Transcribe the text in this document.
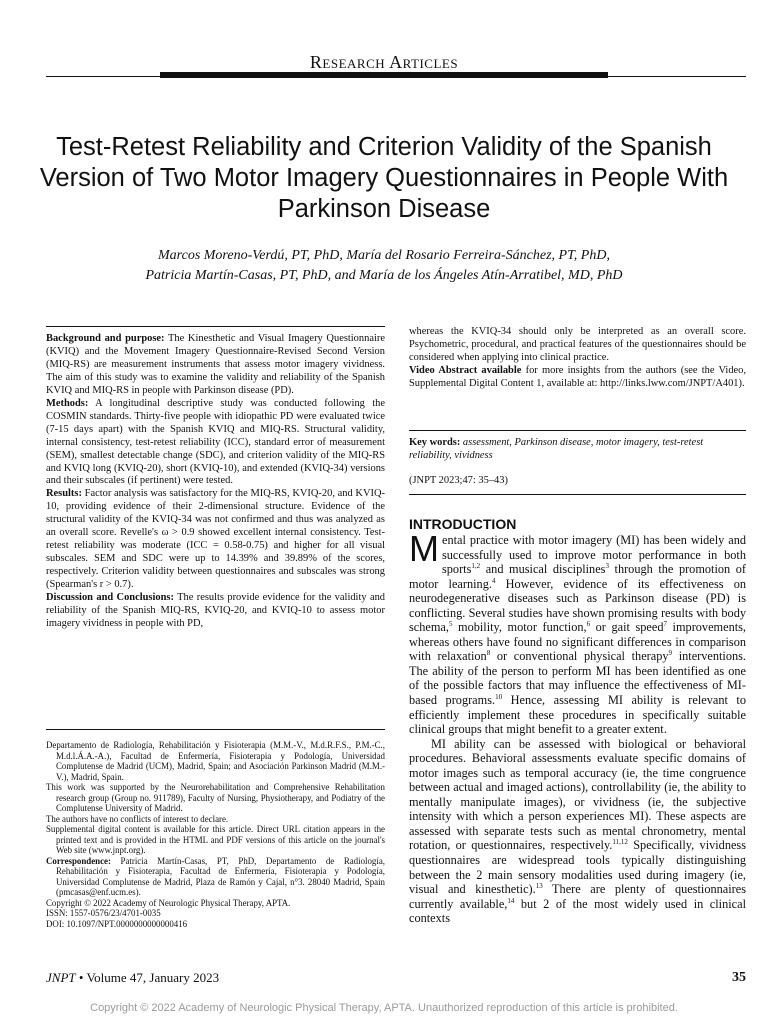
Research Articles
Test-Retest Reliability and Criterion Validity of the Spanish Version of Two Motor Imagery Questionnaires in People With Parkinson Disease
Marcos Moreno-Verdú, PT, PhD, María del Rosario Ferreira-Sánchez, PT, PhD,
Patricia Martín-Casas, PT, PhD, and María de los Ángeles Atín-Arratibel, MD, PhD

Background and purpose: The Kinesthetic and Visual Imagery Questionnaire (KVIQ) and the Movement Imagery Questionnaire-Revised Second Version (MIQ-RS) are measurement instruments that assess motor imagery vividness. The aim of this study was to examine the validity and reliability of the Spanish KVIQ and MIQ-RS in people with Parkinson disease (PD).

Methods: A longitudinal descriptive study was conducted following the COSMIN standards. Thirty-five people with idiopathic PD were evaluated twice (7-15 days apart) with the Spanish KVIQ and MIQ-RS. Structural validity, internal consistency, test-retest reliability (ICC), standard error of measurement (SEM), smallest detectable change (SDC), and criterion validity of the MIQ-RS and KVIQ long (KVIQ-20), short (KVIQ-10), and extended (KVIQ-34) versions and their subscales (if pertinent) were tested.

Results: Factor analysis was satisfactory for the MIQ-RS, KVIQ-20, and KVIQ-10, providing evidence of their 2-dimensional structure. Evidence of the structural validity of the KVIQ-34 was not confirmed and thus was analyzed as an overall score. Revelle's ω > 0.9 showed excellent internal consistency. Test-retest reliability was moderate (ICC = 0.58-0.75) and higher for all visual subscales. SEM and SDC were up to 14.39% and 39.89% of the scores, respectively. Criterion validity between questionnaires and subscales was strong (Spearman's r > 0.7).

Discussion and Conclusions: The results provide evidence for the validity and reliability of the Spanish MIQ-RS, KVIQ-20, and KVIQ-10 to assess motor imagery vividness in people with PD,

Departamento de Radiología, Rehabilitación y Fisioterapia (M.M.-V., M.d.R.F.S., P.M.-C., M.d.l.Á.A.-A.), Facultad de Enfermería, Fisioterapia y Podología, Universidad Complutense de Madrid (UCM), Madrid, Spain; and Asociación Parkinson Madrid (M.M.-V.), Madrid, Spain.

This work was supported by the Neurorehabilitation and Comprehensive Rehabilitation research group (Group no. 911789), Faculty of Nursing, Physiotherapy, and Podiatry of the Complutense University of Madrid.

The authors have no conflicts of interest to declare.

Supplemental digital content is available for this article. Direct URL citation appears in the printed text and is provided in the HTML and PDF versions of this article on the journal's Web site (www.jnpt.org).

Correspondence: Patricia Martín-Casas, PT, PhD, Departamento de Radiología, Rehabilitación y Fisioterapia, Facultad de Enfermería, Fisioterapia y Podología, Universidad Complutense de Madrid, Plaza de Ramón y Cajal, n°3. 28040 Madrid, Spain (pmcasas@enf.ucm.es).

Copyright © 2022 Academy of Neurologic Physical Therapy, APTA.

ISSN: 1557-0576/23/4701-0035

DOI: 10.1097/NPT.0000000000000416

whereas the KVIQ-34 should only be interpreted as an overall score. Psychometric, procedural, and practical features of the questionnaires should be considered when applying into clinical practice.

Video Abstract available for more insights from the authors (see the Video, Supplemental Digital Content 1, available at: http://links.lww.com/JNPT/A401).

Key words: assessment, Parkinson disease, motor imagery, test-retest reliability, vividness
(JNPT 2023;47: 35–43)
INTRODUCTION

Mental practice with motor imagery (MI) has been widely and successfully used to improve motor performance in both sports$^{1,2}$ and musical disciplines$^3$ through the promotion of motor learning.$^4$ However, evidence of its effectiveness on neurodegenerative diseases such as Parkinson disease (PD) is conflicting. Several studies have shown promising results with body schema,$^5$ mobility, motor function,$^6$ or gait speed$^7$ improvements, whereas others have found no significant differences in comparison with relaxation$^8$ or conventional physical therapy$^9$ interventions. The ability of the person to perform MI has been identified as one of the possible factors that may influence the effectiveness of MI-based programs.$^{10}$ Hence, assessing MI ability is relevant to efficiently implement these procedures in specifically suitable clinical groups that might benefit to a greater extent.

MI ability can be assessed with biological or behavioral procedures. Behavioral assessments evaluate specific domains of motor images such as temporal accuracy (ie, the time congruence between actual and imaged actions), controllability (ie, the ability to mentally manipulate images), or vividness (ie, the subjective intensity with which a person experiences MI). These aspects are assessed with separate tests such as mental chronometry, mental rotation, or questionnaires, respectively.$^{11,12}$ Specifically, vividness questionnaires are widespread tools typically distinguishing between the 2 main sensory modalities used during imagery (ie, visual and kinesthetic).$^{13}$ There are plenty of questionnaires currently available,$^{14}$ but 2 of the most widely used in clinical contexts

JNPT • Volume 47, January 2023	35
Copyright © 2022 Academy of Neurologic Physical Therapy, APTA. Unauthorized reproduction of this article is prohibited.
